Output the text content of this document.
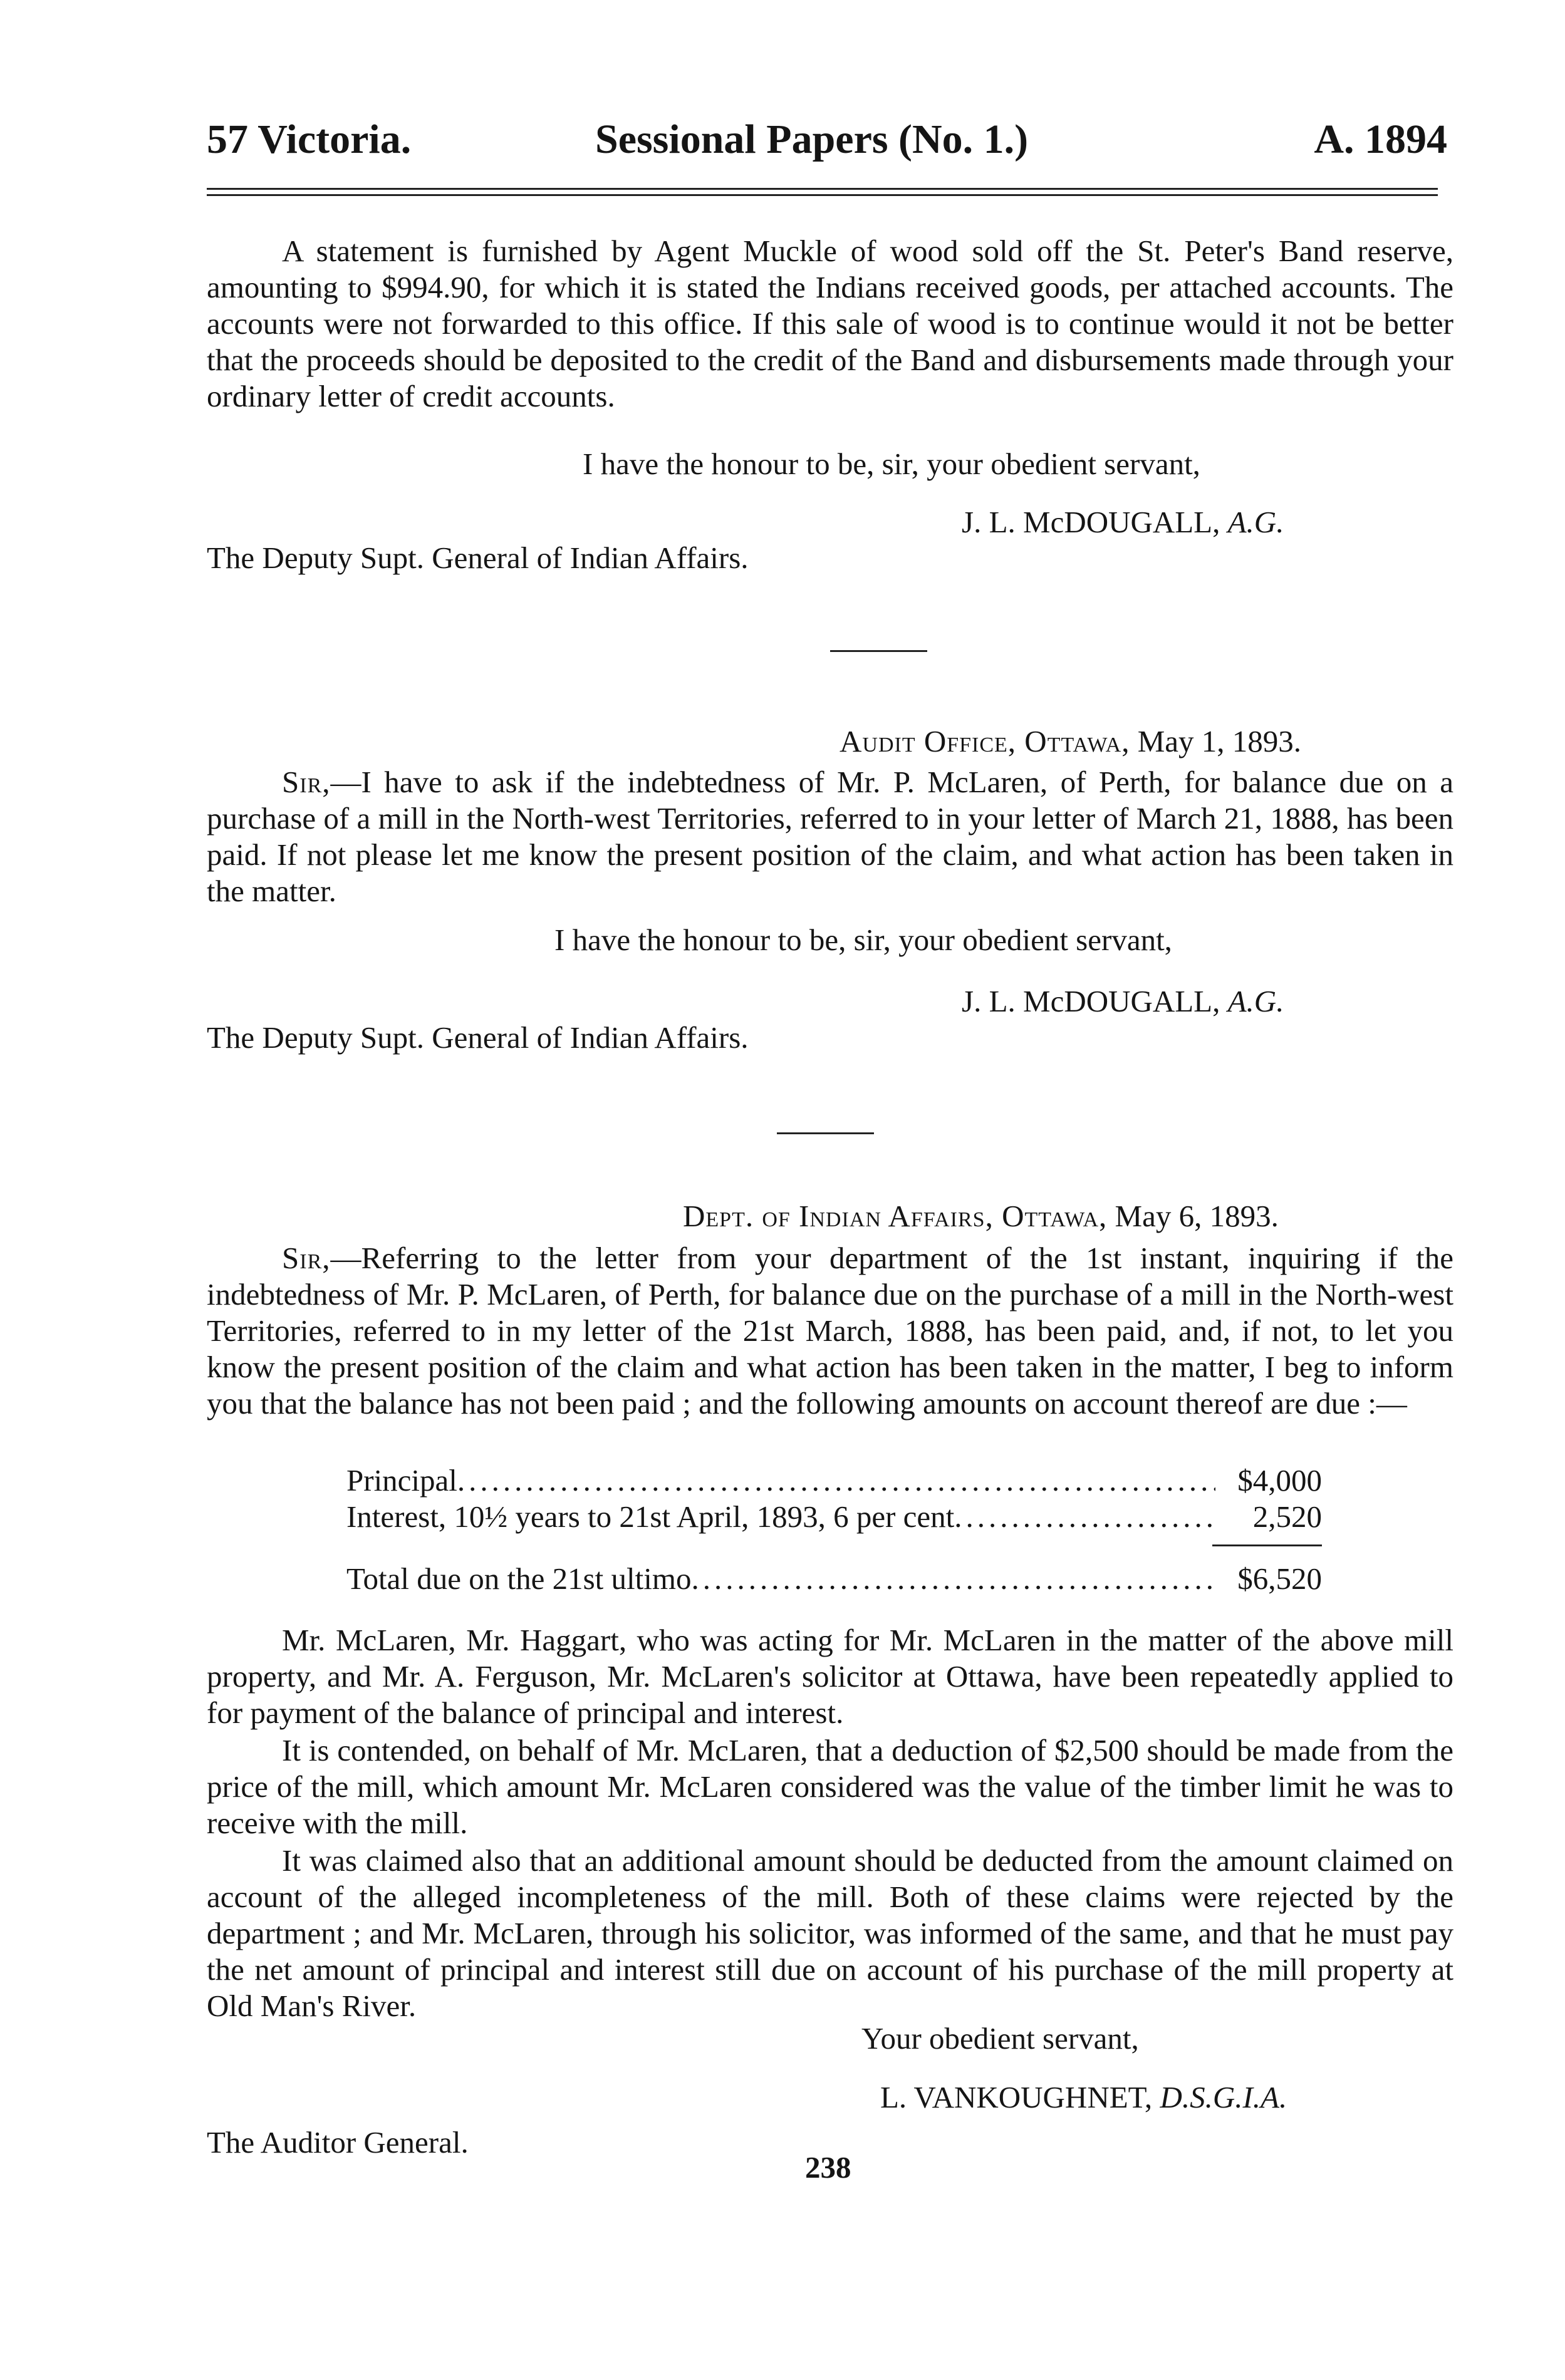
57 Victoria.	Sessional Papers (No. 1.)	A. 1894
A statement is furnished by Agent Muckle of wood sold off the St. Peter's Band reserve, amounting to $994.90, for which it is stated the Indians received goods, per attached accounts. The accounts were not forwarded to this office. If this sale of wood is to continue would it not be better that the proceeds should be deposited to the credit of the Band and disbursements made through your ordinary letter of credit accounts.
I have the honour to be, sir, your obedient servant,
J. L. McDOUGALL, A.G.
The Deputy Supt. General of Indian Affairs.
Audit Office, Ottawa, May 1, 1893.
Sir,—I have to ask if the indebtedness of Mr. P. McLaren, of Perth, for balance due on a purchase of a mill in the North-west Territories, referred to in your letter of March 21, 1888, has been paid. If not please let me know the present position of the claim, and what action has been taken in the matter.
I have the honour to be, sir, your obedient servant,
J. L. McDOUGALL, A.G.
The Deputy Supt. General of Indian Affairs.
Dept. of Indian Affairs, Ottawa, May 6, 1893.
Sir,—Referring to the letter from your department of the 1st instant, inquiring if the indebtedness of Mr. P. McLaren, of Perth, for balance due on the purchase of a mill in the North-west Territories, referred to in my letter of the 21st March, 1888, has been paid, and, if not, to let you know the present position of the claim and what action has been taken in the matter, I beg to inform you that the balance has not been paid ; and the following amounts on account thereof are due :—
Principal .....	$4,000
Interest, 10½ years to 21st April, 1893, 6 per cent .....	2,520
Total due on the 21st ultimo .....	$6,520
Mr. McLaren, Mr. Haggart, who was acting for Mr. McLaren in the matter of the above mill property, and Mr. A. Ferguson, Mr. McLaren's solicitor at Ottawa, have been repeatedly applied to for payment of the balance of principal and interest.
It is contended, on behalf of Mr. McLaren, that a deduction of $2,500 should be made from the price of the mill, which amount Mr. McLaren considered was the value of the timber limit he was to receive with the mill.
It was claimed also that an additional amount should be deducted from the amount claimed on account of the alleged incompleteness of the mill. Both of these claims were rejected by the department ; and Mr. McLaren, through his solicitor, was informed of the same, and that he must pay the net amount of principal and interest still due on account of his purchase of the mill property at Old Man's River.
Your obedient servant,
L. VANKOUGHNET, D.S.G.I.A.
The Auditor General.
238
